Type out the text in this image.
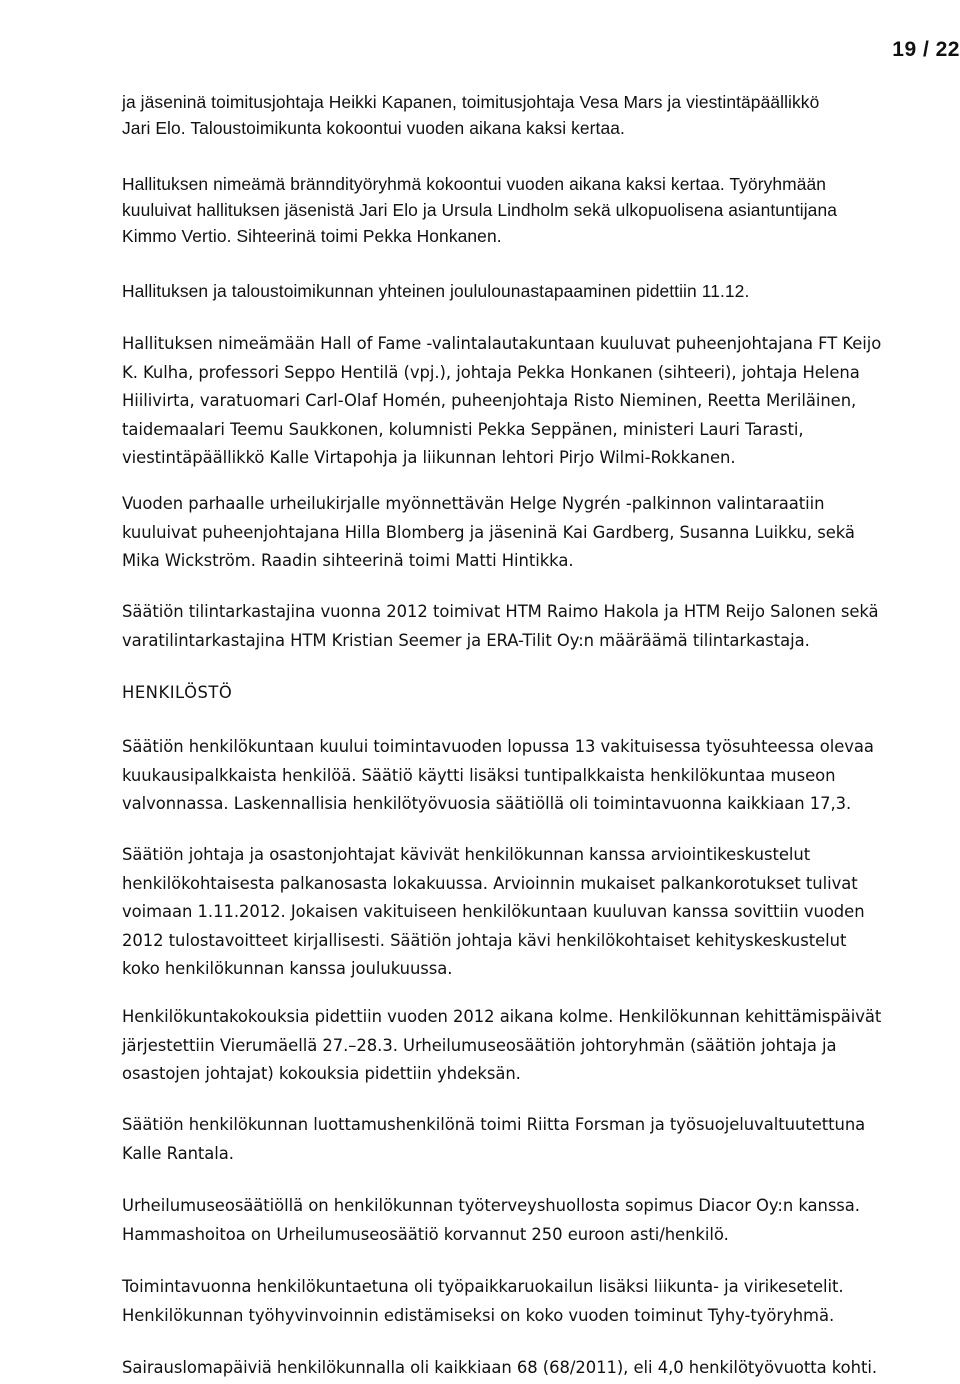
19 / 22
ja jäseninä toimitusjohtaja Heikki Kapanen, toimitusjohtaja Vesa Mars ja viestintäpäällikkö
Jari Elo. Taloustoimikunta kokoontui vuoden aikana kaksi kertaa.
Hallituksen nimeämä bränndityöryhmä kokoontui vuoden aikana kaksi kertaa. Työryhmään
kuuluivat hallituksen jäsenistä Jari Elo ja Ursula Lindholm sekä ulkopuolisena asiantuntijana
Kimmo Vertio. Sihteerinä toimi Pekka Honkanen.
Hallituksen ja taloustoimikunnan yhteinen joululounastapaaminen pidettiin 11.12.
Hallituksen nimeämään Hall of Fame -valintalautakuntaan kuuluvat puheenjohtajana FT Keijo
K. Kulha, professori Seppo Hentilä (vpj.), johtaja Pekka Honkanen (sihteeri), johtaja Helena
Hiilivirta, varatuomari Carl-Olaf Homén, puheenjohtaja Risto Nieminen, Reetta Meriläinen,
taidemaalari Teemu Saukkonen, kolumnisti Pekka Seppänen, ministeri Lauri Tarasti,
viestintäpäällikkö Kalle Virtapohja ja liikunnan lehtori Pirjo Wilmi-Rokkanen.
Vuoden parhaalle urheilukirjalle myönnettävän Helge Nygrén -palkinnon valintaraatiin
kuuluivat puheenjohtajana Hilla Blomberg ja jäseninä Kai Gardberg, Susanna Luikku, sekä
Mika Wickström. Raadin sihteerinä toimi Matti Hintikka.
Säätiön tilintarkastajina vuonna 2012 toimivat HTM Raimo Hakola ja HTM Reijo Salonen sekä
varatilintarkastajina HTM Kristian Seemer ja ERA-Tilit Oy:n määräämä tilintarkastaja.
HENKILÖSTÖ
Säätiön henkilökuntaan kuului toimintavuoden lopussa 13 vakituisessa työsuhteessa olevaa
kuukausipalkkaista henkilöä. Säätiö käytti lisäksi tuntipalkkaista henkilökuntaa museon
valvonnassa. Laskennallisia henkilötyövuosia säätiöllä oli toimintavuonna kaikkiaan 17,3.
Säätiön johtaja ja osastonjohtajat kävivät henkilökunnan kanssa arviointikeskustelut
henkilökohtaisesta palkanosasta lokakuussa. Arvioinnin mukaiset palkankorotukset tulivat
voimaan 1.11.2012. Jokaisen vakituiseen henkilökuntaan kuuluvan kanssa sovittiin vuoden
2012 tulostavoitteet kirjallisesti. Säätiön johtaja kävi henkilökohtaiset kehityskeskustelut
koko henkilökunnan kanssa joulukuussa.
Henkilökuntakokouksia pidettiin vuoden 2012 aikana kolme. Henkilökunnan kehittämispäivät
järjestettiin Vierumäellä 27.–28.3. Urheilumuseosäätiön johtoryhmän (säätiön johtaja ja
osastojen johtajat) kokouksia pidettiin yhdeksän.
Säätiön henkilökunnan luottamushenkilönä toimi Riitta Forsman ja työsuojeluvaltuutettuna
Kalle Rantala.
Urheilumuseosäätiöllä on henkilökunnan työterveyshuollosta sopimus Diacor Oy:n kanssa.
Hammashoitoa on Urheilumuseosäätiö korvannut 250 euroon asti/henkilö.
Toimintavuonna henkilökuntaetuna oli työpaikkaruokailun lisäksi liikunta- ja virikesetelit.
Henkilökunnan työhyvinvoinnin edistämiseksi on koko vuoden toiminut Tyhy-työryhmä.
Sairauslomapäiviä henkilökunnalla oli kaikkiaan 68 (68/2011), eli 4,0 henkilötyövuotta kohti.
